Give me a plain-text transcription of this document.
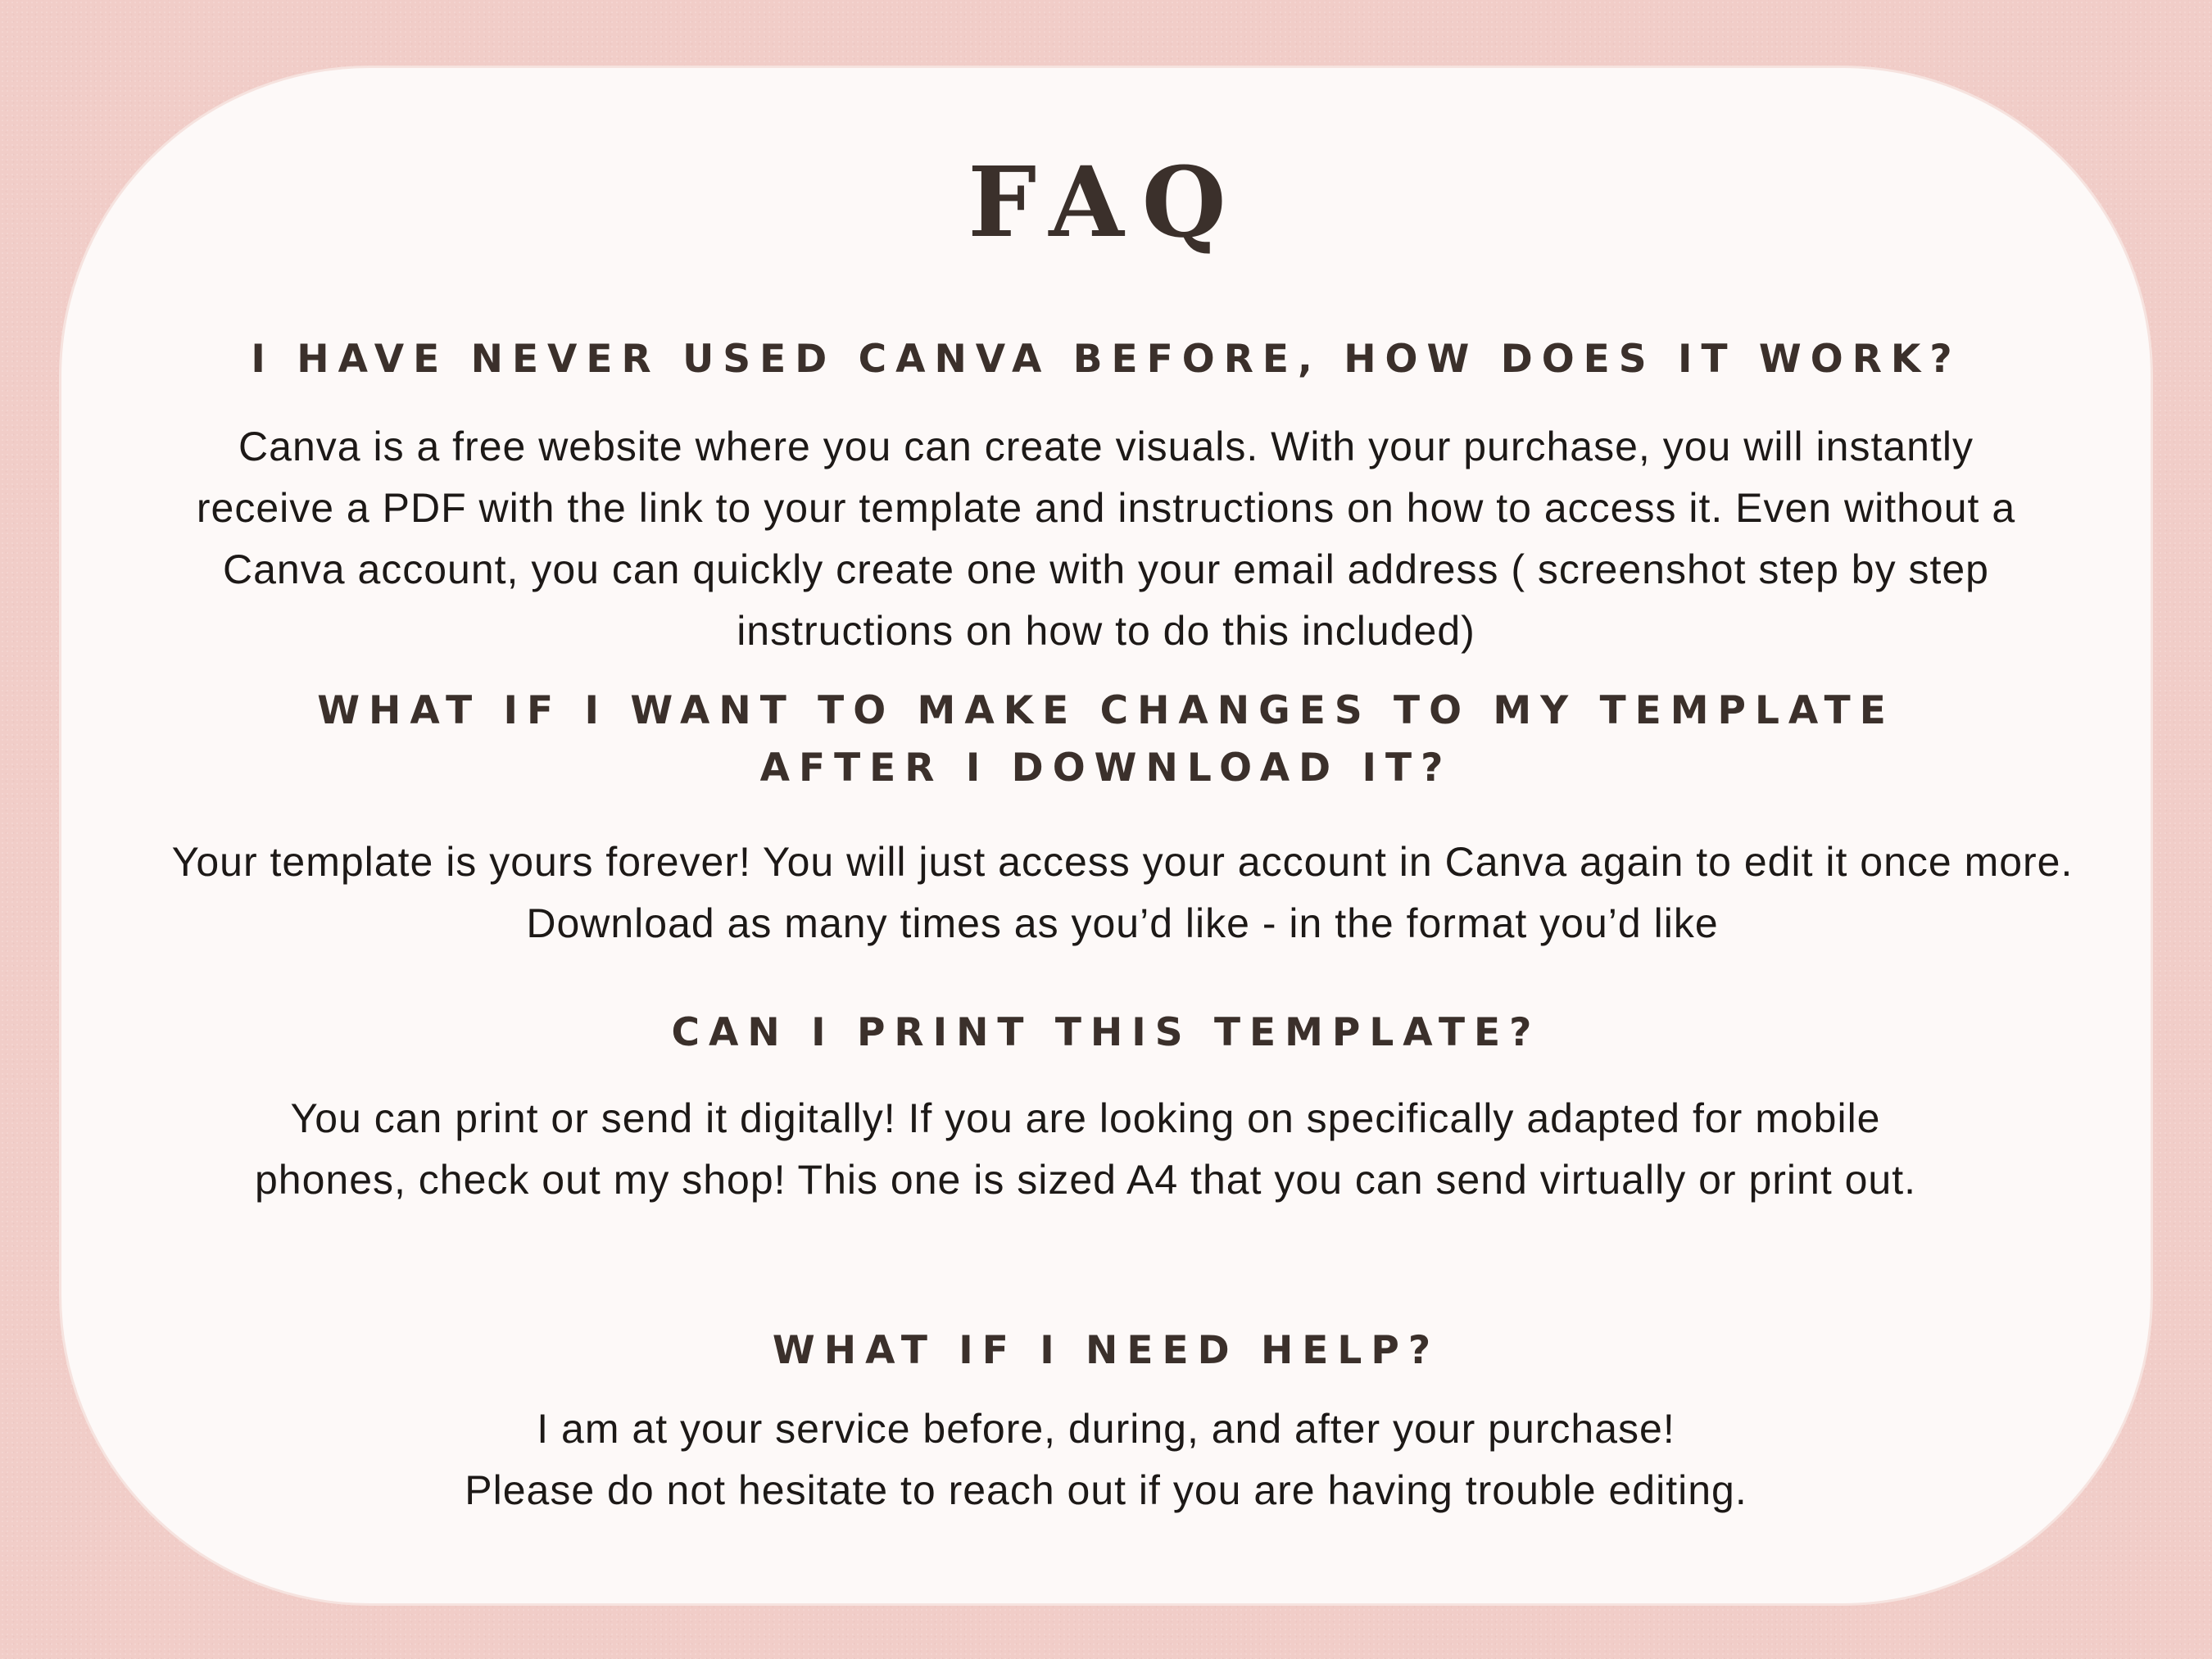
FAQ
I HAVE NEVER USED CANVA BEFORE, HOW DOES IT WORK?

Canva is a free website where you can create visuals. With your purchase, you will instantly receive a PDF with the link to your template and instructions on how to access it. Even without a Canva account, you can quickly create one with your email address ( screenshot step by step instructions on how to do this included)

WHAT IF I WANT TO MAKE CHANGES TO MY TEMPLATE AFTER I DOWNLOAD IT?

Your template is yours forever! You will just access your account in Canva again to edit it once more. Download as many times as you’d like - in the format you’d like

CAN I PRINT THIS TEMPLATE?

You can print or send it digitally! If you are looking on specifically adapted for mobile phones, check out my shop! This one is sized A4 that you can send virtually or print out.

WHAT IF I NEED HELP?

I am at your service before, during, and after your purchase!
Please do not hesitate to reach out if you are having trouble editing.
